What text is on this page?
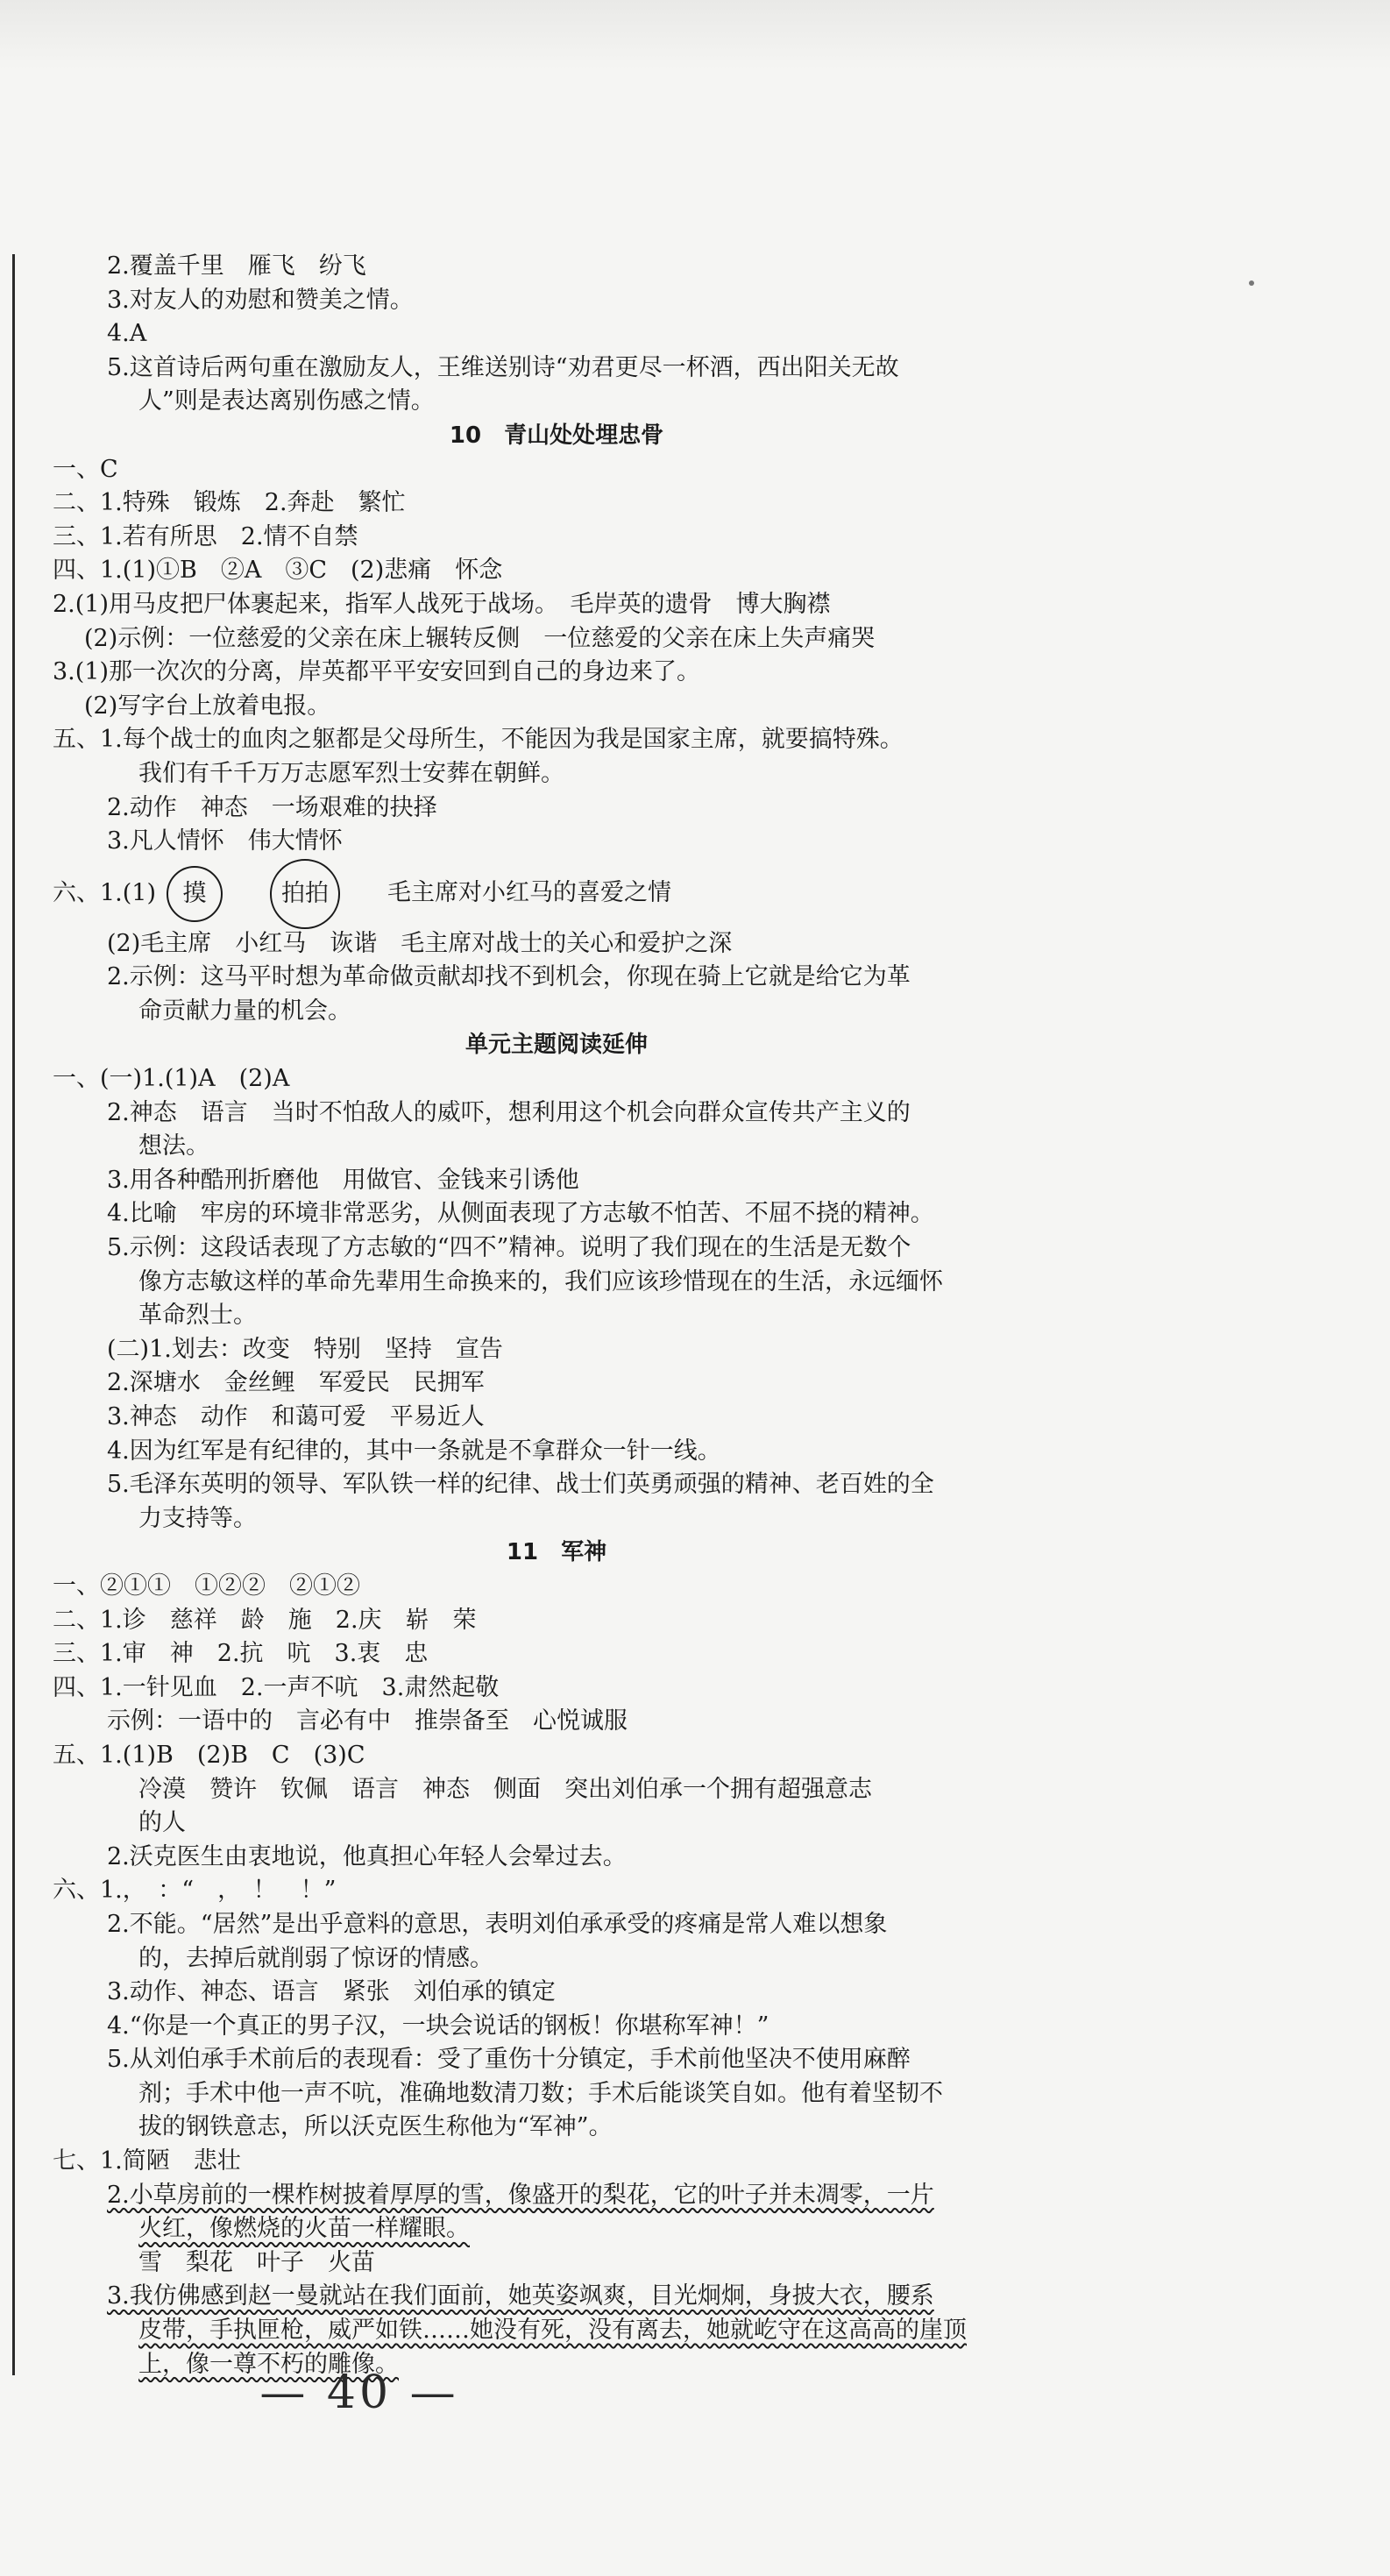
2.覆盖千里　雁飞　纷飞
3.对友人的劝慰和赞美之情。
4.A
5.这首诗后两句重在激励友人，王维送别诗“劝君更尽一杯酒，西出阳关无故
人”则是表达离别伤感之情。
10　青山处处埋忠骨
一、C
二、1.特殊　锻炼　2.奔赴　繁忙
三、1.若有所思　2.情不自禁
四、1.(1)①B　②A　③C　(2)悲痛　怀念
2.(1)用马皮把尸体裹起来，指军人战死于战场。　毛岸英的遗骨　博大胸襟
(2)示例：一位慈爱的父亲在床上辗转反侧　一位慈爱的父亲在床上失声痛哭
3.(1)那一次次的分离，岸英都平平安安回到自己的身边来了。
(2)写字台上放着电报。
五、1.每个战士的血肉之躯都是父母所生，不能因为我是国家主席，就要搞特殊。
我们有千千万万志愿军烈士安葬在朝鲜。
2.动作　神态　一场艰难的抉择
3.凡人情怀　伟大情怀
六、1.(1) 摸	拍拍 毛主席对小红马的喜爱之情
(2)毛主席　小红马　诙谐　毛主席对战士的关心和爱护之深
2.示例：这马平时想为革命做贡献却找不到机会，你现在骑上它就是给它为革
命贡献力量的机会。
单元主题阅读延伸
一、(一)1.(1)A　(2)A
2.神态　语言　当时不怕敌人的威吓，想利用这个机会向群众宣传共产主义的
想法。
3.用各种酷刑折磨他　用做官、金钱来引诱他
4.比喻　牢房的环境非常恶劣，从侧面表现了方志敏不怕苦、不屈不挠的精神。
5.示例：这段话表现了方志敏的“四不”精神。说明了我们现在的生活是无数个
像方志敏这样的革命先辈用生命换来的，我们应该珍惜现在的生活，永远缅怀
革命烈士。
(二)1.划去：改变　特别　坚持　宣告
2.深塘水　金丝鲤　军爱民　民拥军
3.神态　动作　和蔼可爱　平易近人
4.因为红军是有纪律的，其中一条就是不拿群众一针一线。
5.毛泽东英明的领导、军队铁一样的纪律、战士们英勇顽强的精神、老百姓的全
力支持等。
11　军神
一、②①①　①②②　②①②
二、1.诊　慈祥　龄　施　2.庆　崭　荣
三、1.审　神　2.抗　吭　3.衷　忠
四、1.一针见血　2.一声不吭　3.肃然起敬
示例：一语中的　言必有中　推崇备至　心悦诚服
五、1.(1)B　(2)B　C　(3)C
冷漠　赞许　钦佩　语言　神态　侧面　突出刘伯承一个拥有超强意志
的人
2.沃克医生由衷地说，他真担心年轻人会晕过去。
六、1.，　：“　，　！　！”
2.不能。“居然”是出乎意料的意思，表明刘伯承承受的疼痛是常人难以想象
的，去掉后就削弱了惊讶的情感。
3.动作、神态、语言　紧张　刘伯承的镇定
4.“你是一个真正的男子汉，一块会说话的钢板！你堪称军神！”
5.从刘伯承手术前后的表现看：受了重伤十分镇定，手术前他坚决不使用麻醉
剂；手术中他一声不吭，准确地数清刀数；手术后能谈笑自如。他有着坚韧不
拔的钢铁意志，所以沃克医生称他为“军神”。
七、1.简陋　悲壮
2.小草房前的一棵柞树披着厚厚的雪，像盛开的梨花，它的叶子并未凋零，一片
火红，像燃烧的火苗一样耀眼。
雪　梨花　叶子　火苗
3.我仿佛感到赵一曼就站在我们面前，她英姿飒爽，目光炯炯，身披大衣，腰系
皮带，手执匣枪，威严如铁……她没有死，没有离去，她就屹守在这高高的崖顶
上，像一尊不朽的雕像。
— 40 —
